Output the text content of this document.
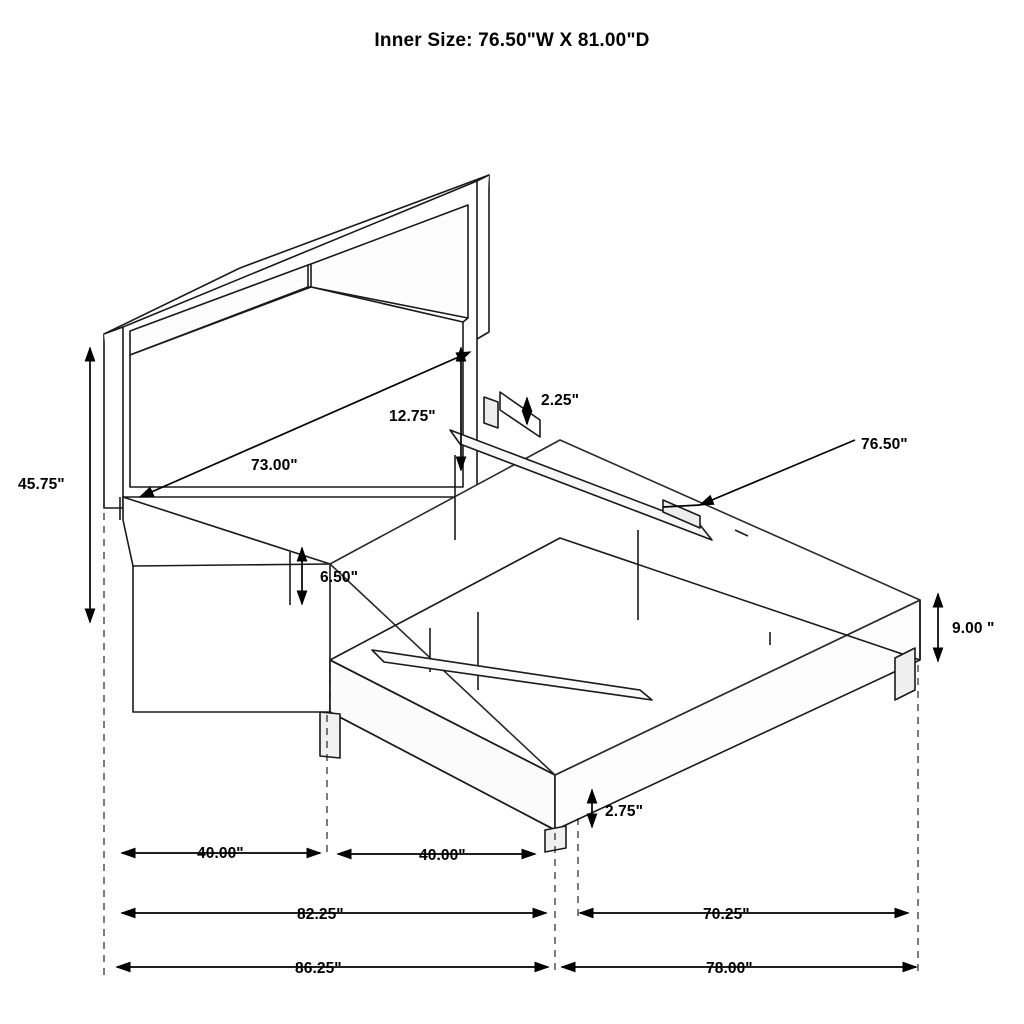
Inner Size: 76.50"W X 81.00"D
45.75"
12.75"
73.00"
2.25"
76.50"
6.50"
9.00 "
2.75"
40.00"	40.00"
82.25"	70.25"
86.25"	78.00"
